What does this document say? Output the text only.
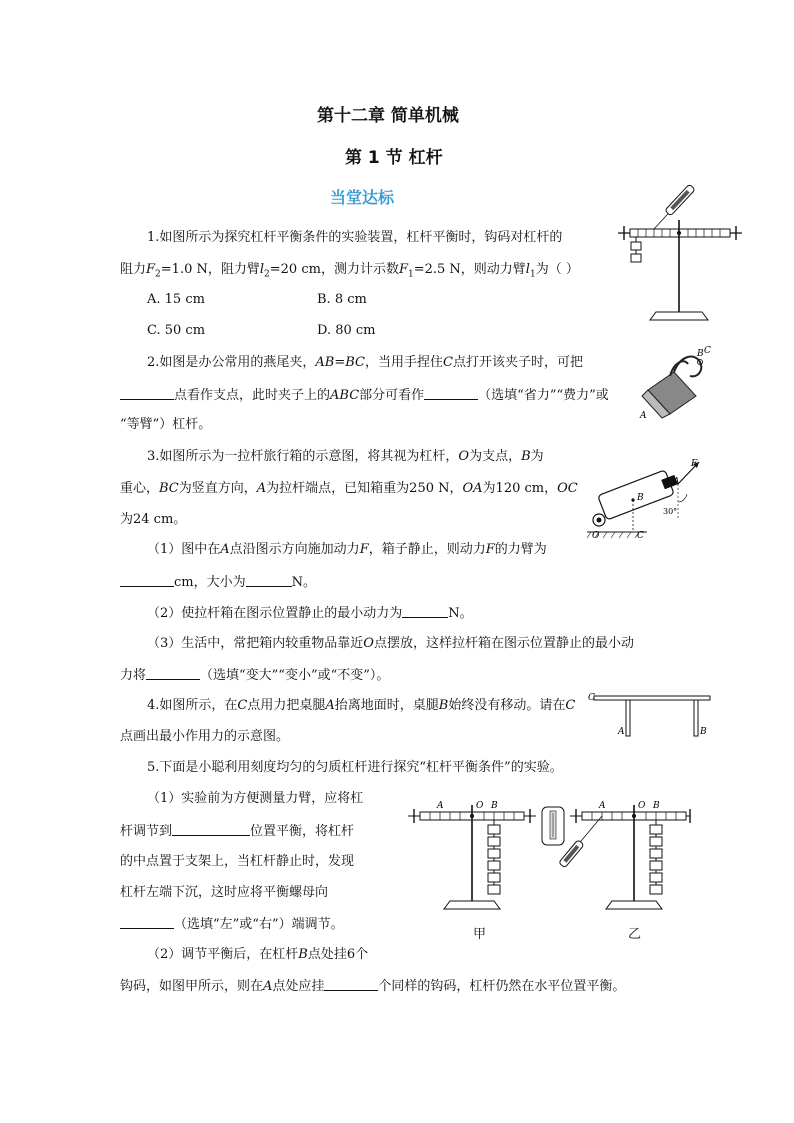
第十二章 简单机械
第 1 节 杠杆
当堂达标
1.如图所示为探究杠杆平衡条件的实验装置，杠杆平衡时，钩码对杠杆的
阻力$F_2=1.0$ N，阻力臂$l_2=20$ cm，测力计示数$F_1=2.5$ N，则动力臂$l_1$为（ ）
A. 15 cm	B. 8 cm
C. 50 cm	D. 80 cm
2.如图是办公常用的燕尾夹，AB=BC，当用手捏住C点打开该夹子时，可把
点看作支点，此时夹子上的ABC部分可看作	（选填“省力”“费力”或
“等臂”）杠杆。
B C
A
3.如图所示为一拉杆旅行箱的示意图，将其视为杠杆，O为支点，B为
重心，BC为竖直方向，A为拉杆端点，已知箱重为250 N，OA为120 cm，OC
为24 cm。
F
A
B
O	C
30°
（1）图中在A点沿图示方向施加动力F，箱子静止，则动力F的力臂为
cm，大小为	N。
（2）使拉杆箱在图示位置静止的最小动力为	N。
（3）生活中，常把箱内较重物品靠近O点摆放，这样拉杆箱在图示位置静止的最小动
力将	（选填“变大”“变小”或“不变”）。
4.如图所示，在C点用力把桌腿A抬离地面时，桌腿B始终没有移动。请在C
点画出最小作用力的示意图。
C
A	B
5.下面是小聪利用刻度均匀的匀质杠杆进行探究“杠杆平衡条件”的实验。
（1）实验前为方便测量力臂，应将杠
杆调节到	位置平衡，将杠杆
的中点置于支架上，当杠杆静止时，发现
杠杆左端下沉，这时应将平衡螺母向
（选填“左”或“右”）端调节。
（2）调节平衡后，在杠杆B点处挂6个
钩码，如图甲所示，则在A点处应挂	个同样的钩码，杠杆仍然在水平位置平衡。
A	O B
甲
A	O B
乙
